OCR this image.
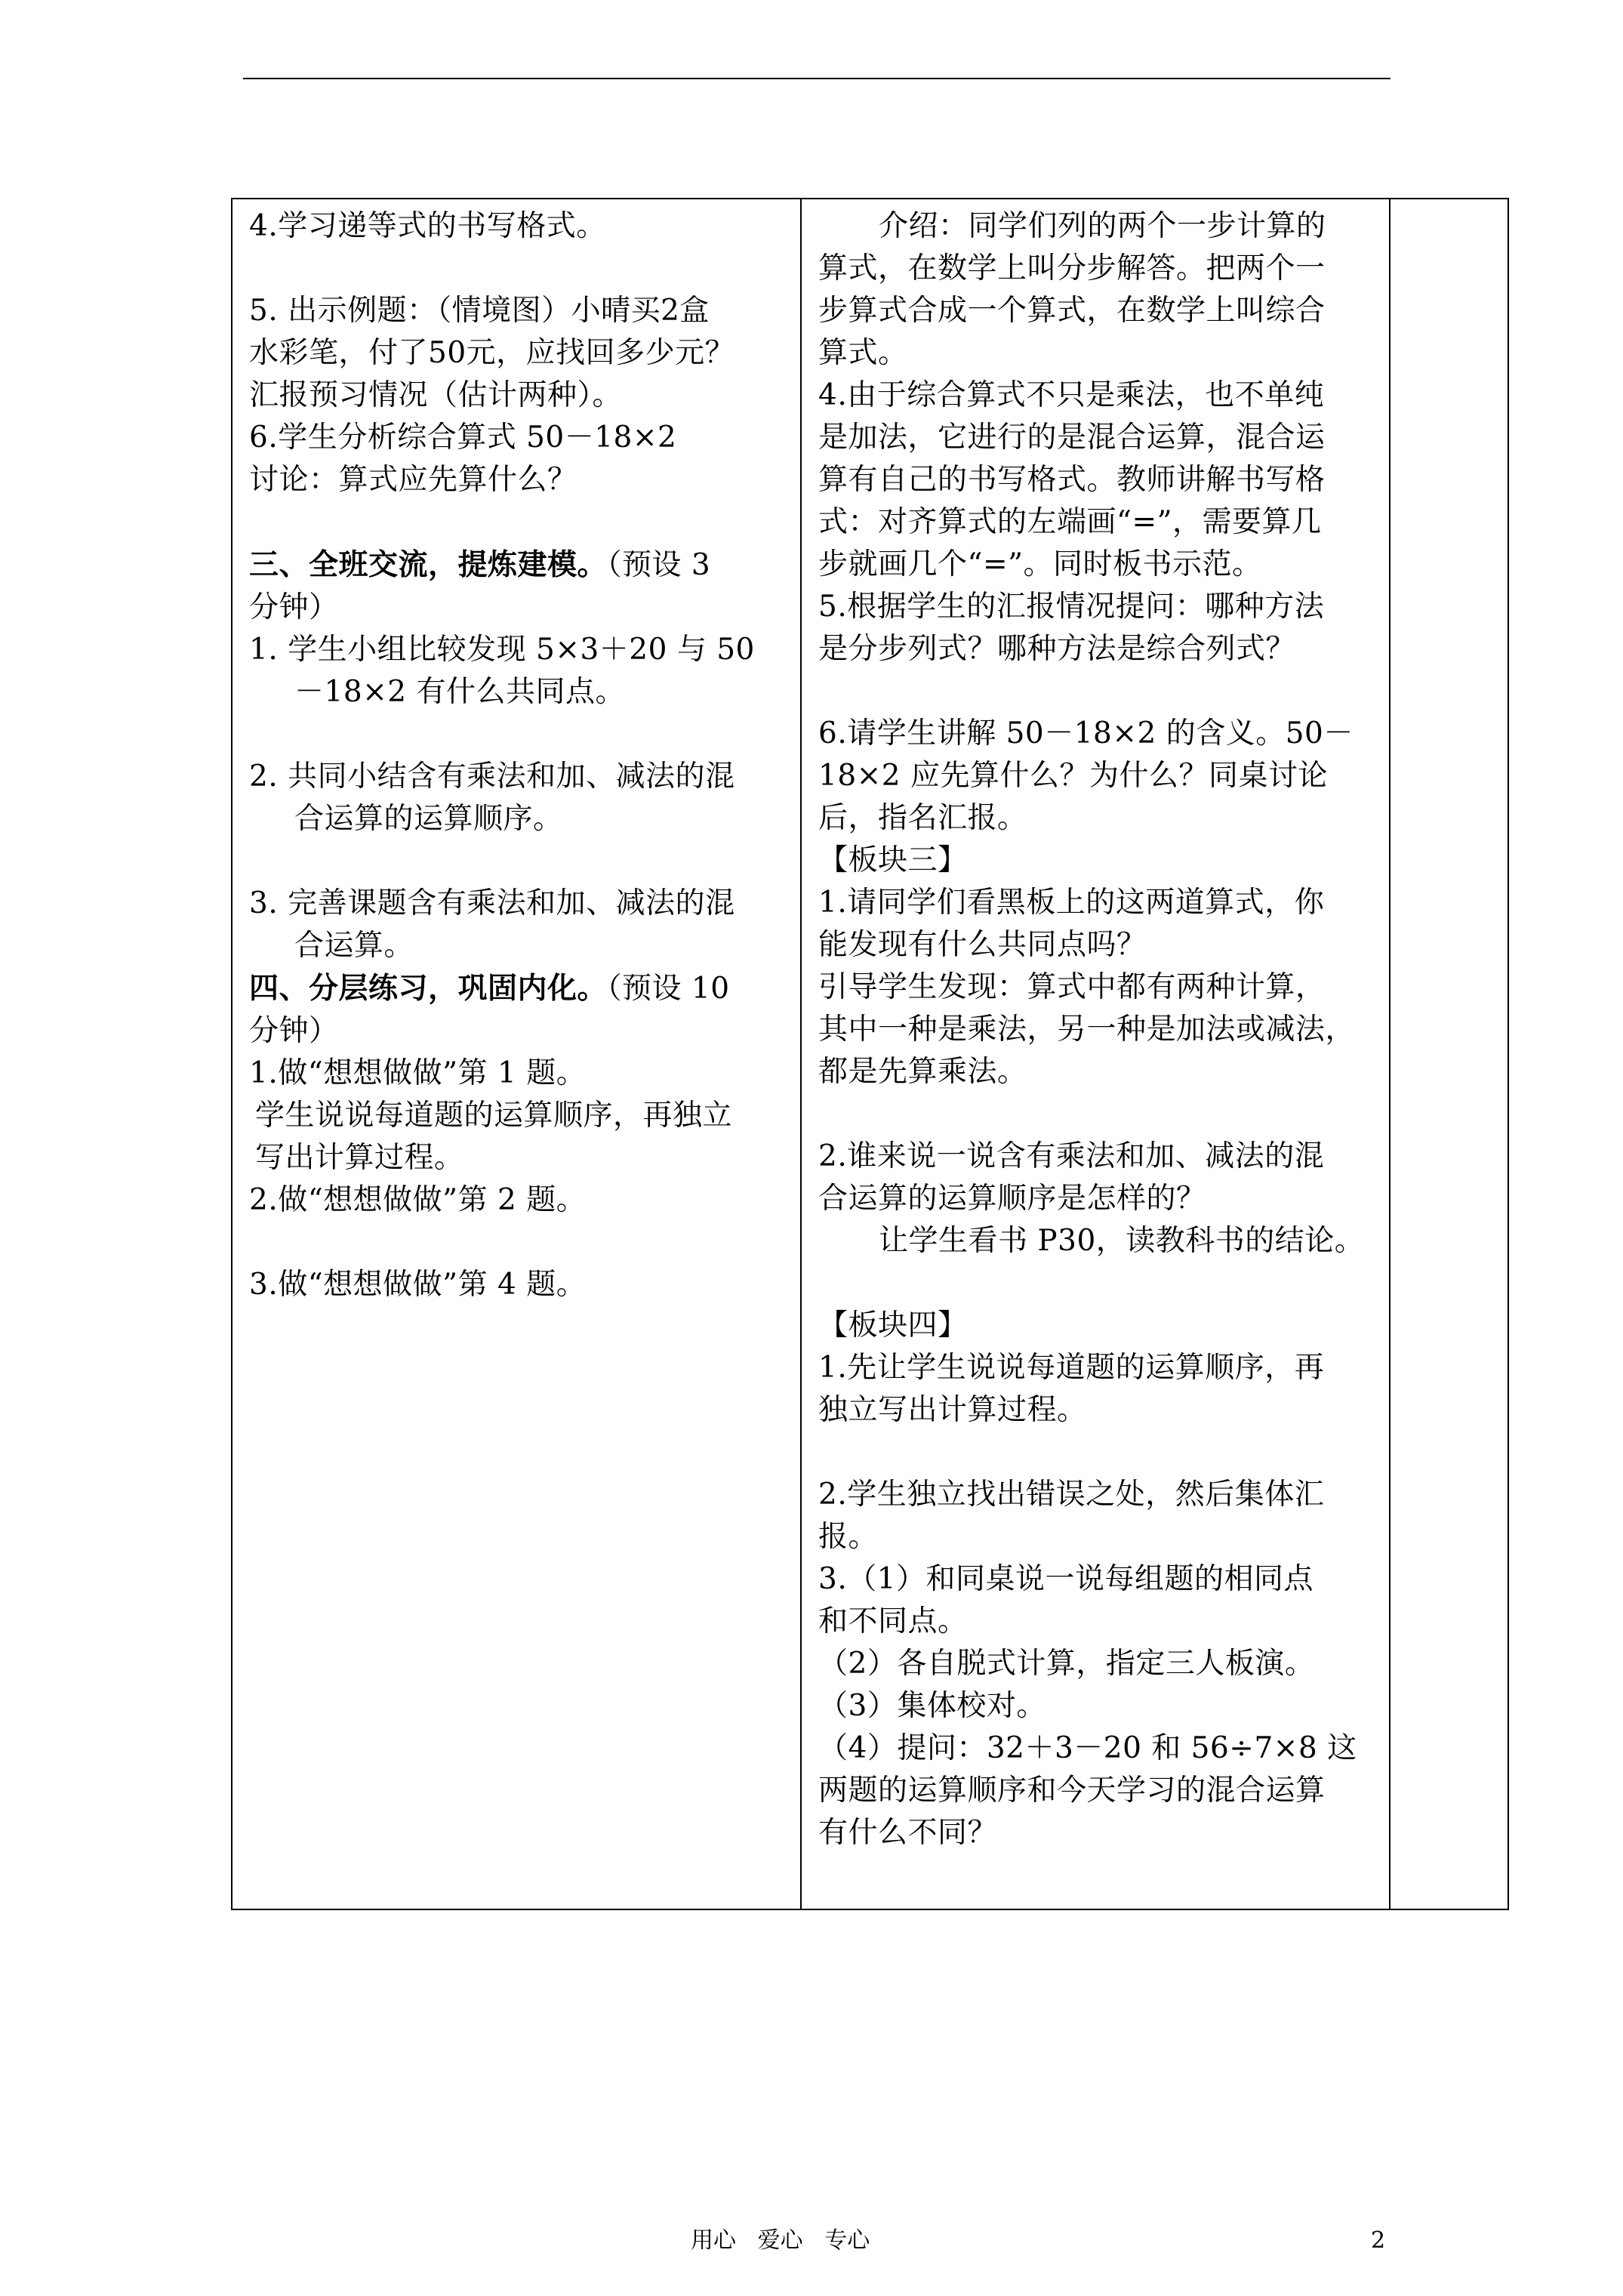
4.学习递等式的书写格式。
5. 出示例题：（情境图）小晴买2盒
水彩笔，付了50元，应找回多少元？
汇报预习情况（估计两种）。
6.学生分析综合算式 50－18×2
讨论：算式应先算什么？
三、全班交流，提炼建模。（预设 3
分钟）
1. 学生小组比较发现 5×3＋20 与 50
－18×2 有什么共同点。
2. 共同小结含有乘法和加、减法的混
合运算的运算顺序。
3. 完善课题含有乘法和加、减法的混
合运算。
四、分层练习，巩固内化。（预设 10
分钟）
1.做“想想做做”第 1 题。
学生说说每道题的运算顺序，再独立
写出计算过程。
2.做“想想做做”第 2 题。
3.做“想想做做”第 4 题。

介绍：同学们列的两个一步计算的
算式，在数学上叫分步解答。把两个一
步算式合成一个算式，在数学上叫综合
算式。
4.由于综合算式不只是乘法，也不单纯
是加法，它进行的是混合运算，混合运
算有自己的书写格式。教师讲解书写格
式：对齐算式的左端画“=”，需要算几
步就画几个“=”。同时板书示范。
5.根据学生的汇报情况提问：哪种方法
是分步列式？哪种方法是综合列式？
6.请学生讲解 50－18×2 的含义。50－
18×2 应先算什么？为什么？同桌讨论
后，指名汇报。
【板块三】
1.请同学们看黑板上的这两道算式，你
能发现有什么共同点吗？
引导学生发现：算式中都有两种计算，
其中一种是乘法，另一种是加法或减法，
都是先算乘法。
2.谁来说一说含有乘法和加、减法的混
合运算的运算顺序是怎样的？
让学生看书 P30，读教科书的结论。
【板块四】
1.先让学生说说每道题的运算顺序，再
独立写出计算过程。
2.学生独立找出错误之处，然后集体汇
报。
3.（1）和同桌说一说每组题的相同点
和不同点。
（2）各自脱式计算，指定三人板演。
（3）集体校对。
（4）提问：32＋3－20 和 56÷7×8 这
两题的运算顺序和今天学习的混合运算
有什么不同？

用心   爱心   专心	2
